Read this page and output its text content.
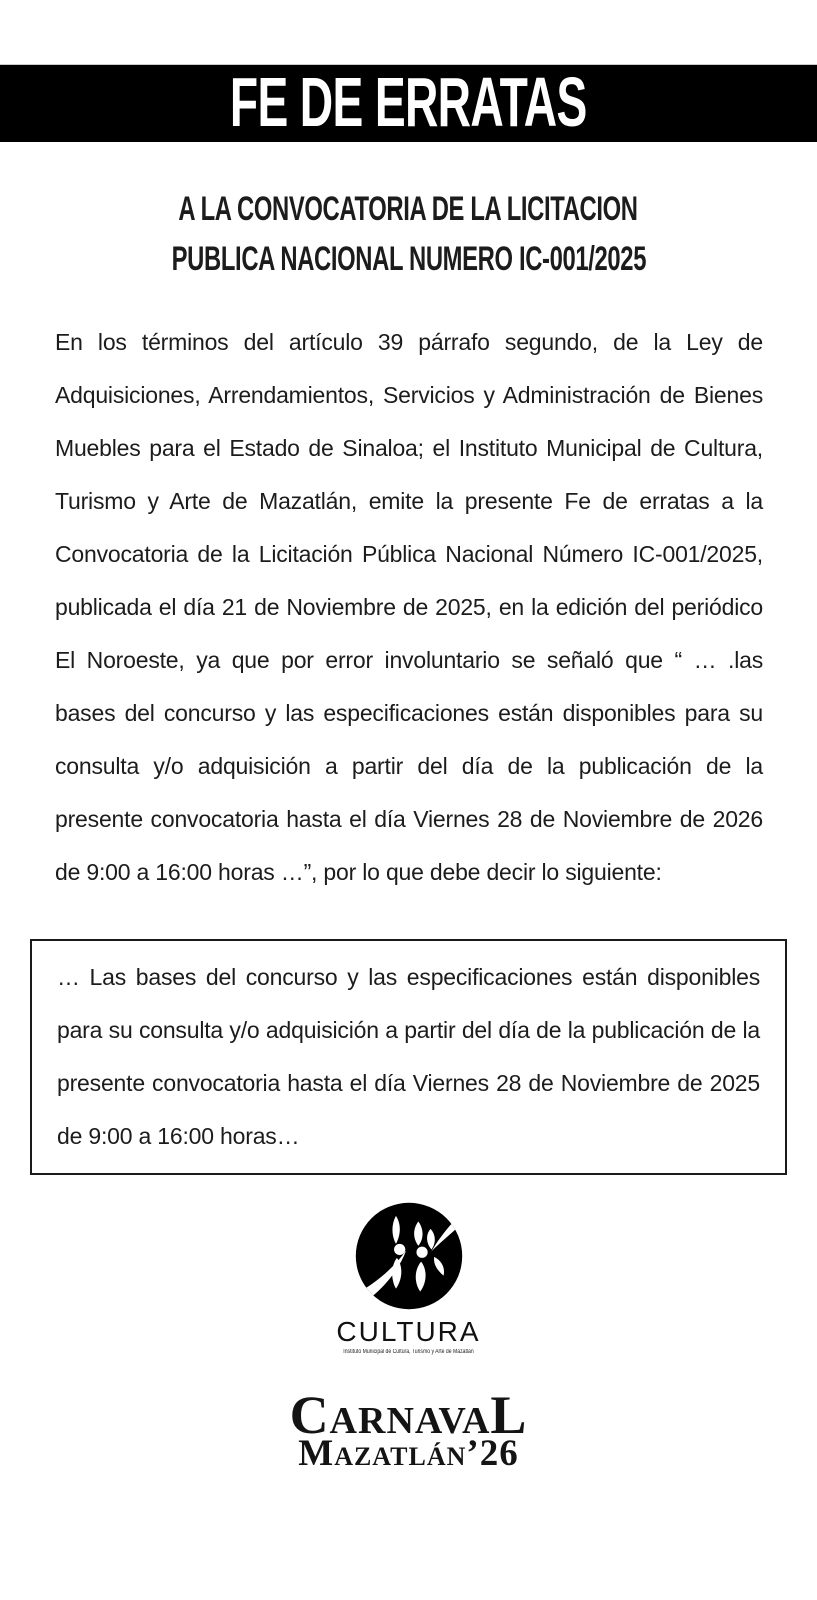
FE DE ERRATAS
A LA CONVOCATORIA DE LA LICITACION
PUBLICA NACIONAL NUMERO IC-001/2025

En los términos del artículo 39 párrafo segundo, de la Ley de Adquisiciones, Arrendamientos, Servicios y Administración de Bienes Muebles para el Estado de Sinaloa; el Instituto Municipal de Cultura, Turismo y Arte de Mazatlán, emite la presente Fe de erratas a la Convocatoria de la Licitación Pública Nacional Número IC-001/2025, publicada el día 21 de Noviembre de 2025, en la edición del periódico El Noroeste, ya que por error involuntario se señaló que “ … .las bases del concurso y las especificaciones están disponibles para su consulta y/o adquisición a partir del día de la publicación de la presente convocatoria hasta el día Viernes 28 de Noviembre de 2026 de 9:00 a 16:00 horas …”, por lo que debe decir lo siguiente:

… Las bases del concurso y las especificaciones están disponibles para su consulta y/o adquisición a partir del día de la publicación de la presente convocatoria hasta el día Viernes 28 de Noviembre de 2025 de 9:00 a 16:00 horas…
CULTURA
Instituto Municipal de Cultura, Turismo y Arte de Mazatlán
CarnavaL
Mazatlán’26
